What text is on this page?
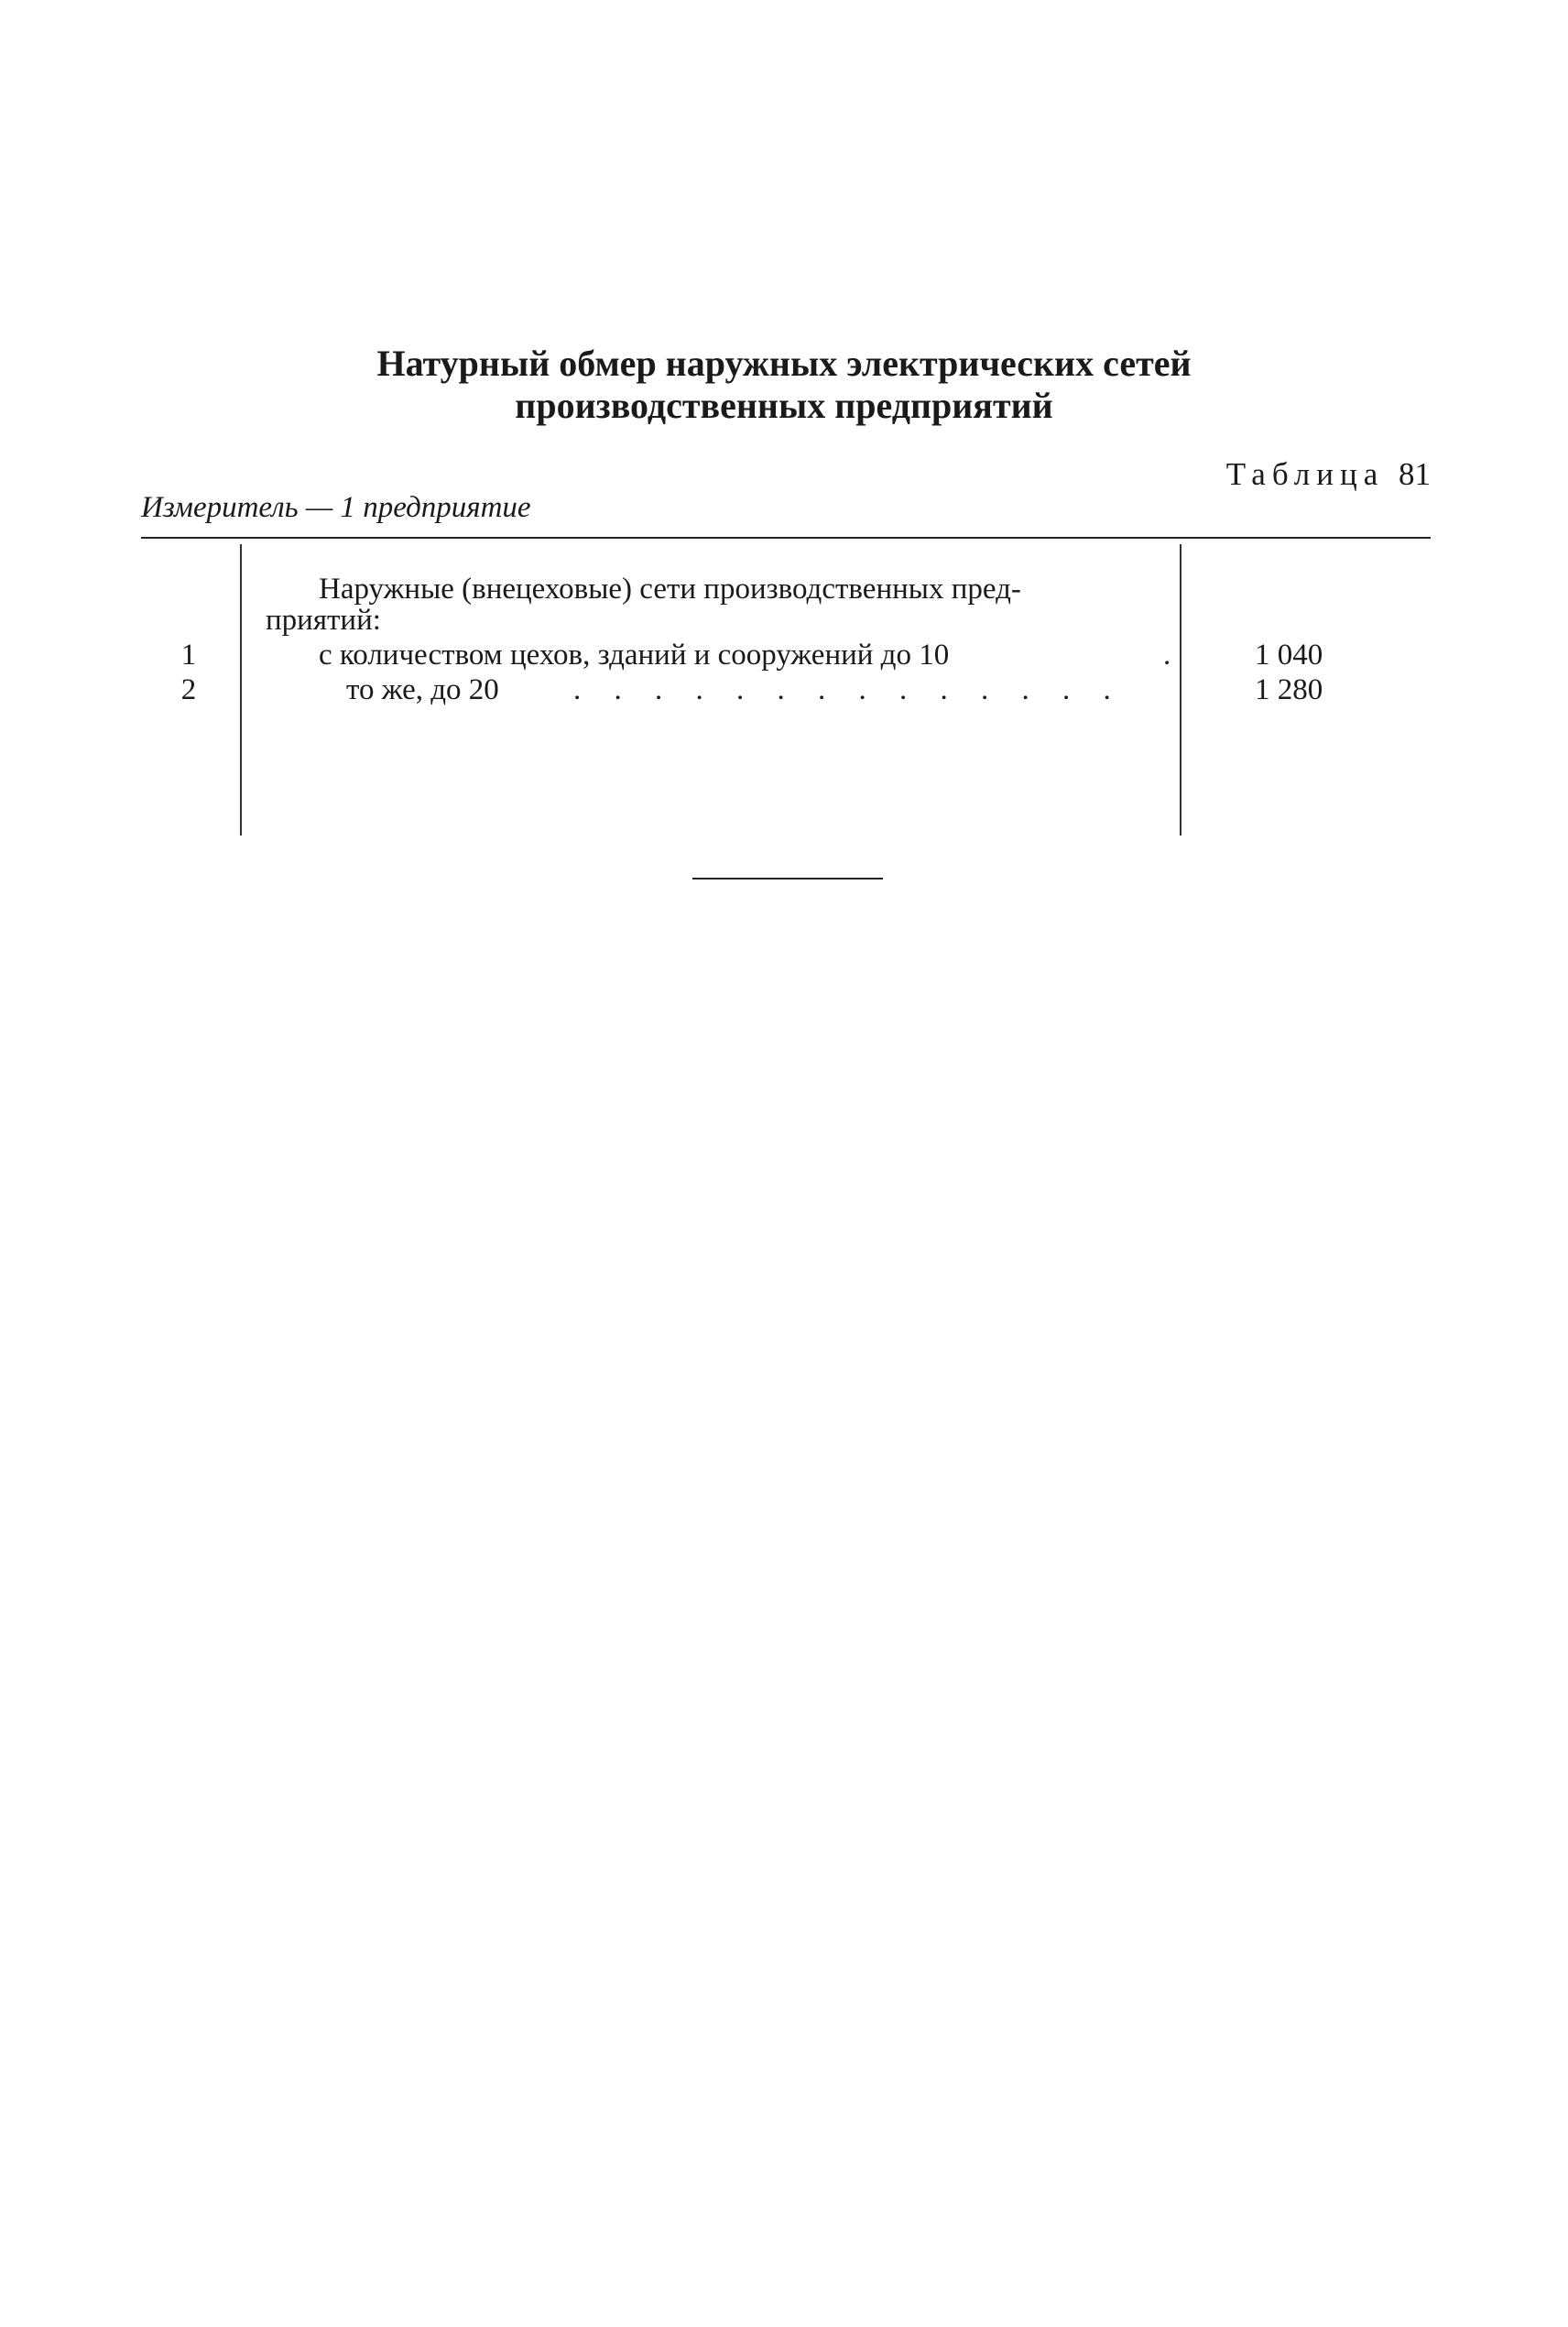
Натурный обмер наружных электрических сетей
производственных предприятий
Таблица 81
Измеритель — 1 предприятие
Наружные (внецеховые) сети производственных пред-
приятий:
1	с количеством цехов, зданий и сооружений до 10	.	1 040
2	то же, до 20 . . . . . . . . . . . . . .	1 280
